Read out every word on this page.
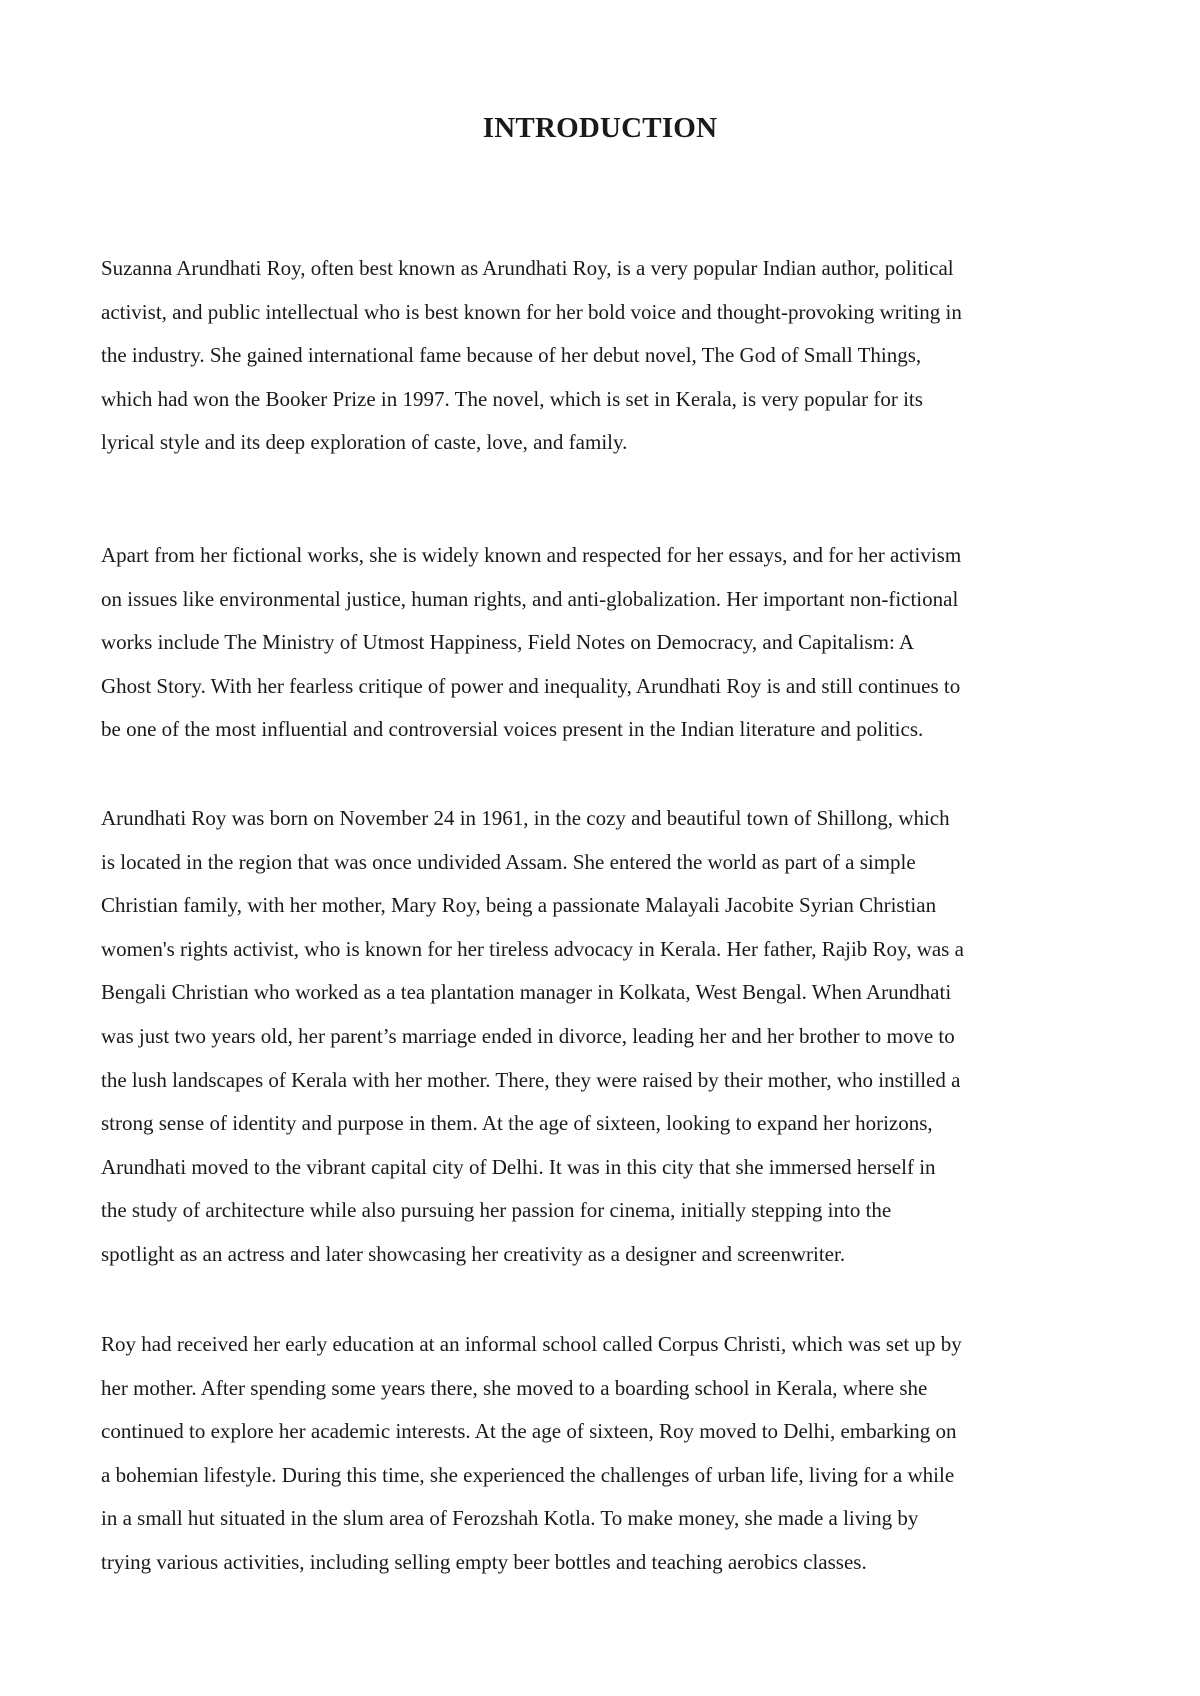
INTRODUCTION

Suzanna Arundhati Roy, often best known as Arundhati Roy, is a very popular Indian author, political
activist, and public intellectual who is best known for her bold voice and thought-provoking writing in
the industry. She gained international fame because of her debut novel, The God of Small Things,
which had won the Booker Prize in 1997. The novel, which is set in Kerala, is very popular for its
lyrical style and its deep exploration of caste, love, and family.

Apart from her fictional works, she is widely known and respected for her essays, and for her activism
on issues like environmental justice, human rights, and anti-globalization. Her important non-fictional
works include The Ministry of Utmost Happiness, Field Notes on Democracy, and Capitalism: A
Ghost Story. With her fearless critique of power and inequality, Arundhati Roy is and still continues to
be one of the most influential and controversial voices present in the Indian literature and politics.

Arundhati Roy was born on November 24 in 1961, in the cozy and beautiful town of Shillong, which
is located in the region that was once undivided Assam. She entered the world as part of a simple
Christian family, with her mother, Mary Roy, being a passionate Malayali Jacobite Syrian Christian
women's rights activist, who is known for her tireless advocacy in Kerala. Her father, Rajib Roy, was a
Bengali Christian who worked as a tea plantation manager in Kolkata, West Bengal. When Arundhati
was just two years old, her parent’s marriage ended in divorce, leading her and her brother to move to
the lush landscapes of Kerala with her mother. There, they were raised by their mother, who instilled a
strong sense of identity and purpose in them. At the age of sixteen, looking to expand her horizons,
Arundhati moved to the vibrant capital city of Delhi. It was in this city that she immersed herself in
the study of architecture while also pursuing her passion for cinema, initially stepping into the
spotlight as an actress and later showcasing her creativity as a designer and screenwriter.

Roy had received her early education at an informal school called Corpus Christi, which was set up by
her mother. After spending some years there, she moved to a boarding school in Kerala, where she
continued to explore her academic interests. At the age of sixteen, Roy moved to Delhi, embarking on
a bohemian lifestyle. During this time, she experienced the challenges of urban life, living for a while
in a small hut situated in the slum area of Ferozshah Kotla. To make money, she made a living by
trying various activities, including selling empty beer bottles and teaching aerobics classes.
